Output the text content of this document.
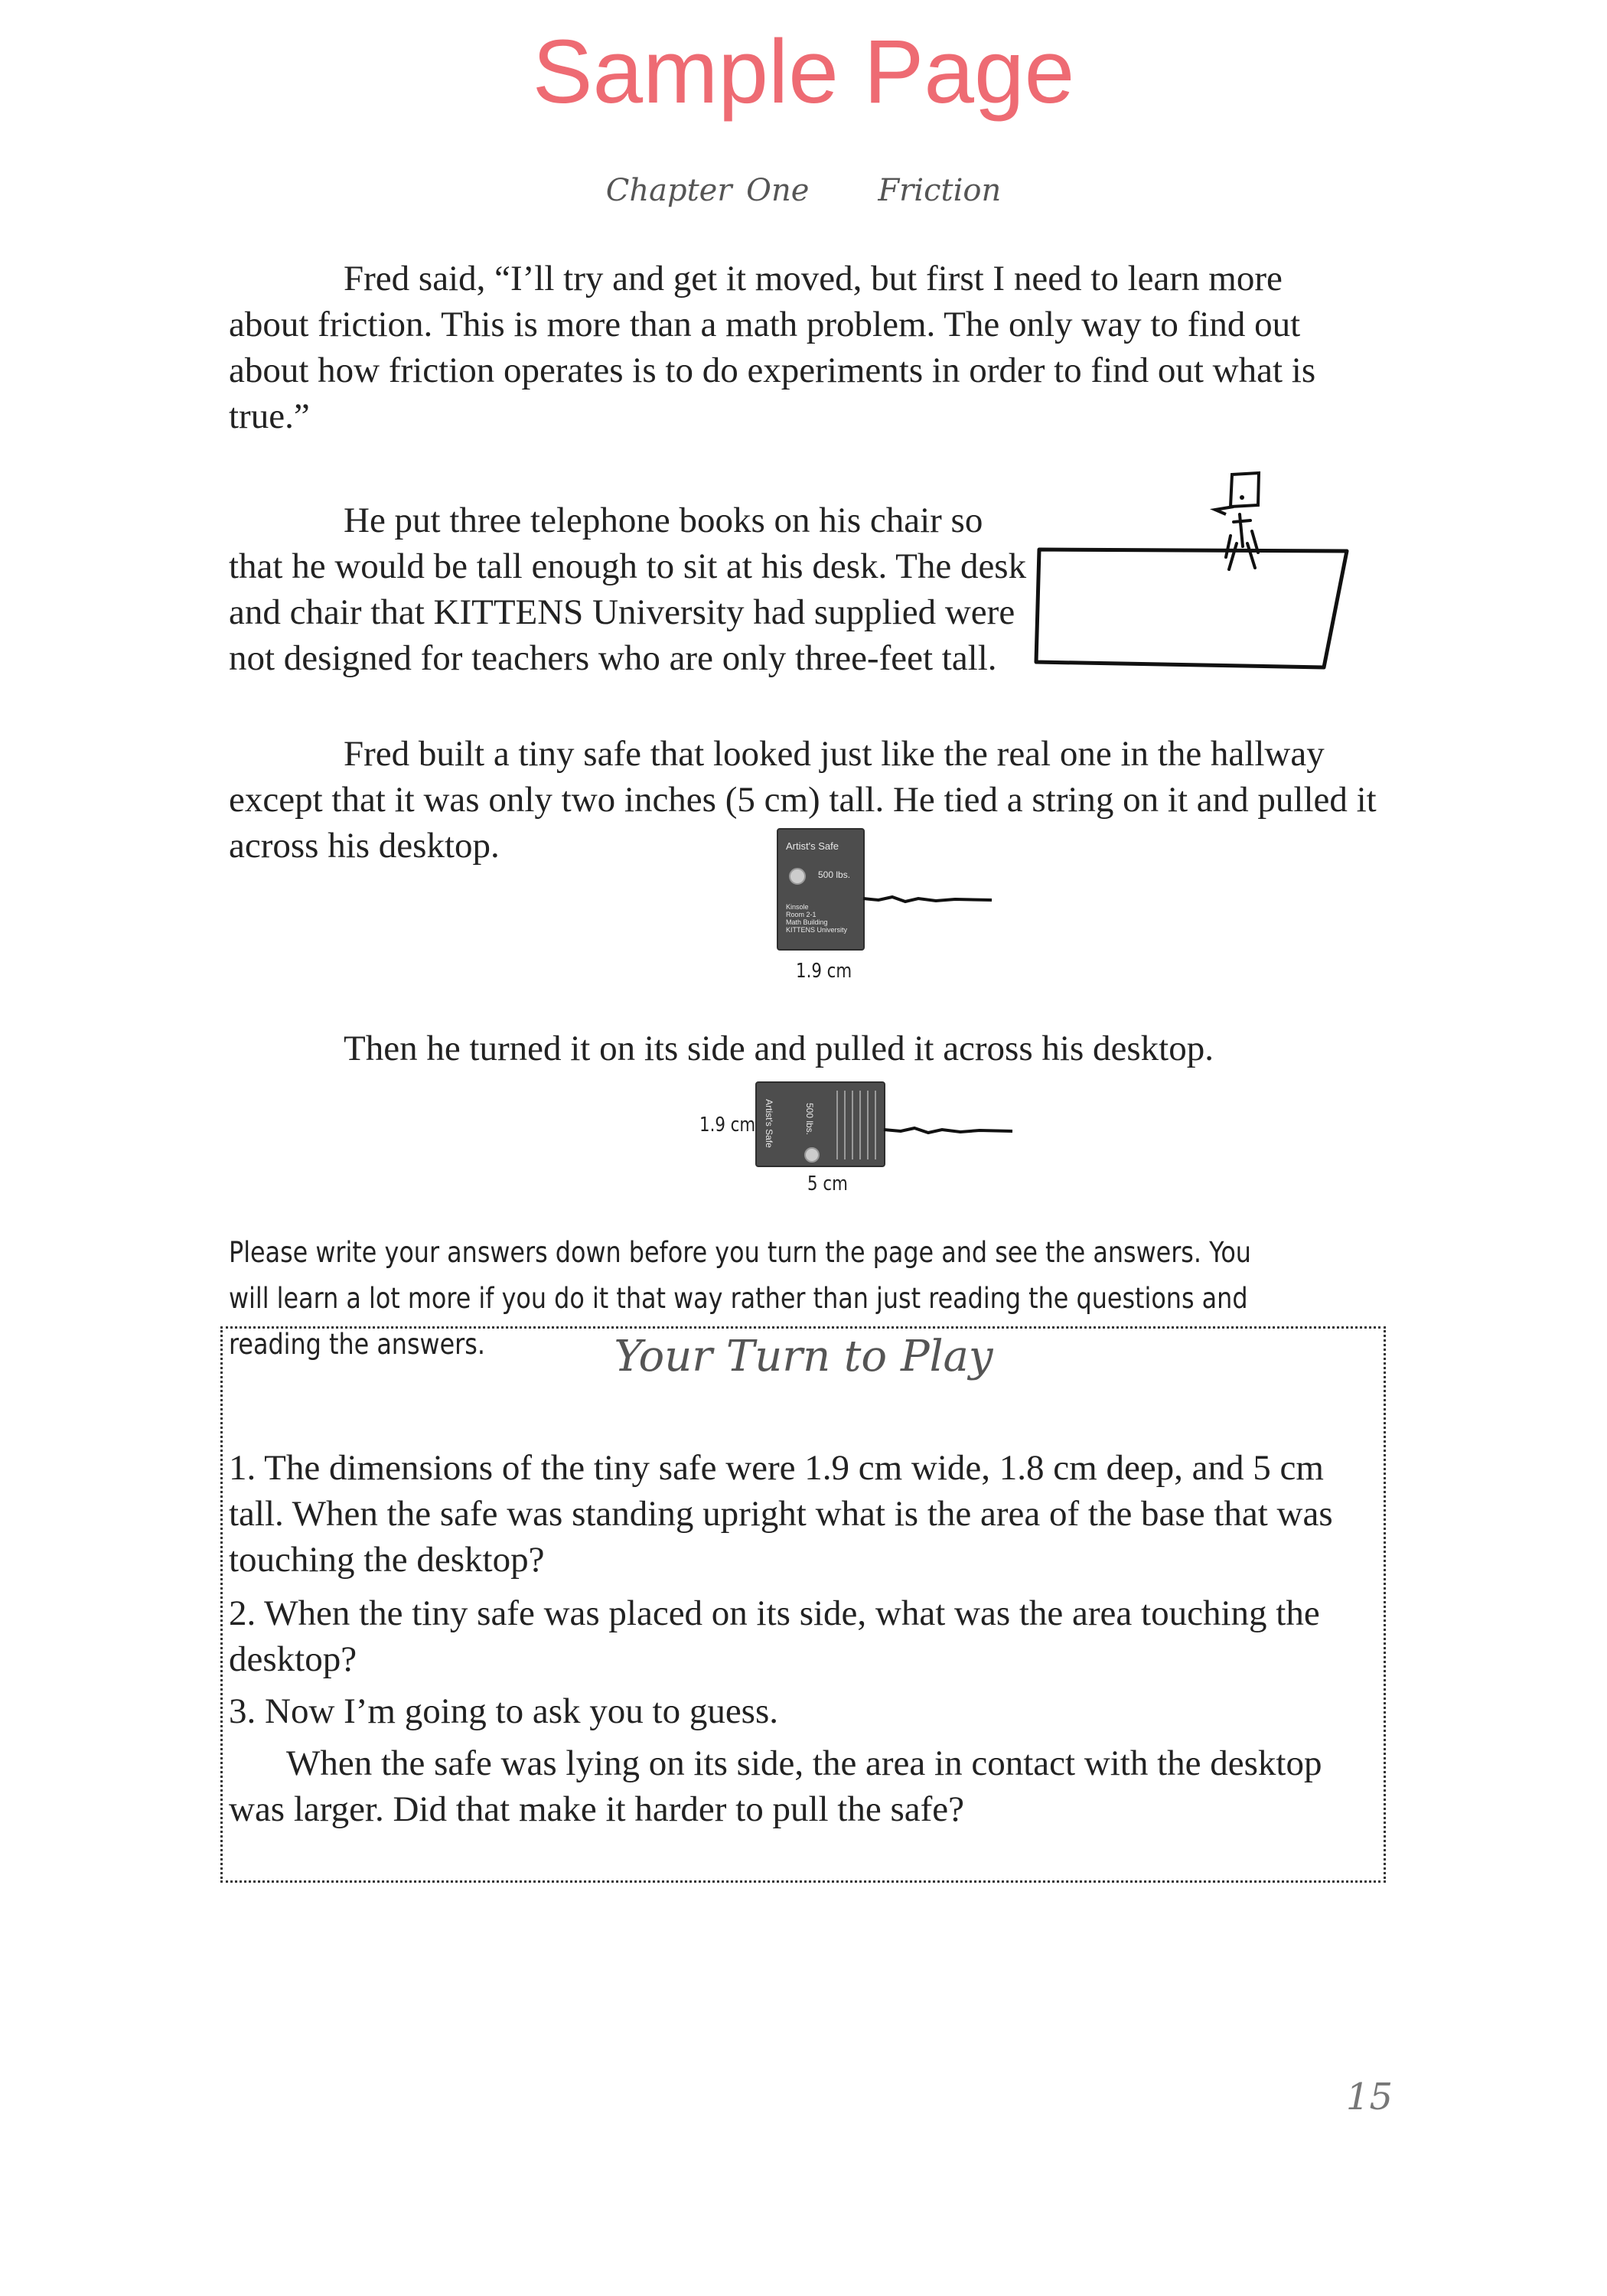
Sample Page
Chapter One Friction

Fred said, “I’ll try and get it moved, but first I need to learn more about friction. This is more than a math problem. The only way to find out about how friction operates is to do experiments in order to find out what is true.”

He put three telephone books on his chair so that he would be tall enough to sit at his desk. The desk and chair that KITTENS University had supplied were not designed for teachers who are only three-feet tall.

Fred built a tiny safe that looked just like the real one in the hallway except that it was only two inches (5 cm) tall. He tied a string on it and pulled it across his desktop.	Artist's Safe
500 lbs.
Kinsole
Room 2-1
Math Building
KITTENS University
1.9 cm

Then he turned it on its side and pulled it across his desktop.

Artist's Safe	500 lbs.
1.9 cm
5 cm
Please write your answers down before you turn the page and see the answers. You will learn a lot more if you do it that way rather than just reading the questions and reading the answers.	Your Turn to Play

1. The dimensions of the tiny safe were 1.9 cm wide, 1.8 cm deep, and 5 cm tall. When the safe was standing upright what is the area of the base that was touching the desktop?

2. When the tiny safe was placed on its side, what was the area touching the desktop?

3. Now I’m going to ask you to guess.

When the safe was lying on its side, the area in contact with the desktop was larger. Did that make it harder to pull the safe?

15
